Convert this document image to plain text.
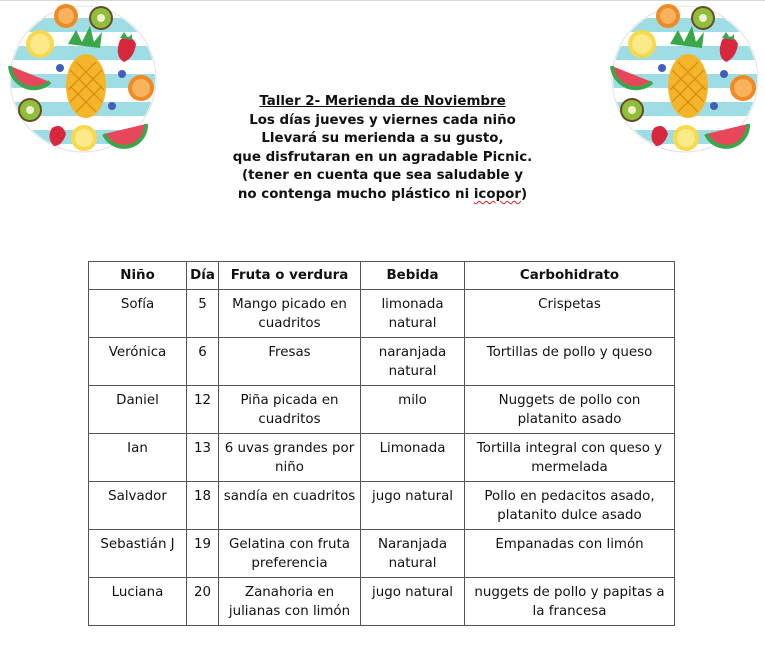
Taller 2- Merienda de Noviembre
Los días jueves y viernes cada niño
Llevará su merienda a su gusto,
que disfrutaran en un agradable Picnic.
(tener en cuenta que sea saludable y
no contenga mucho plástico ni icopor)
Niño	Día	Fruta o verdura	Bebida	Carbohidrato
Sofía	5	Mango picado en cuadritos	limonada natural	Crispetas
Verónica	6	Fresas	naranjada natural	Tortillas de pollo y queso
Daniel	12	Piña picada en cuadritos	milo	Nuggets de pollo con platanito asado
Ian	13	6 uvas grandes por niño	Limonada	Tortilla integral con queso y mermelada
Salvador	18	sandía en cuadritos	jugo natural	Pollo en pedacitos asado, platanito dulce asado
Sebastián J	19	Gelatina con fruta preferencia	Naranjada natural	Empanadas con limón
Luciana	20	Zanahoria en julianas con limón	jugo natural	nuggets de pollo y papitas a la francesa
